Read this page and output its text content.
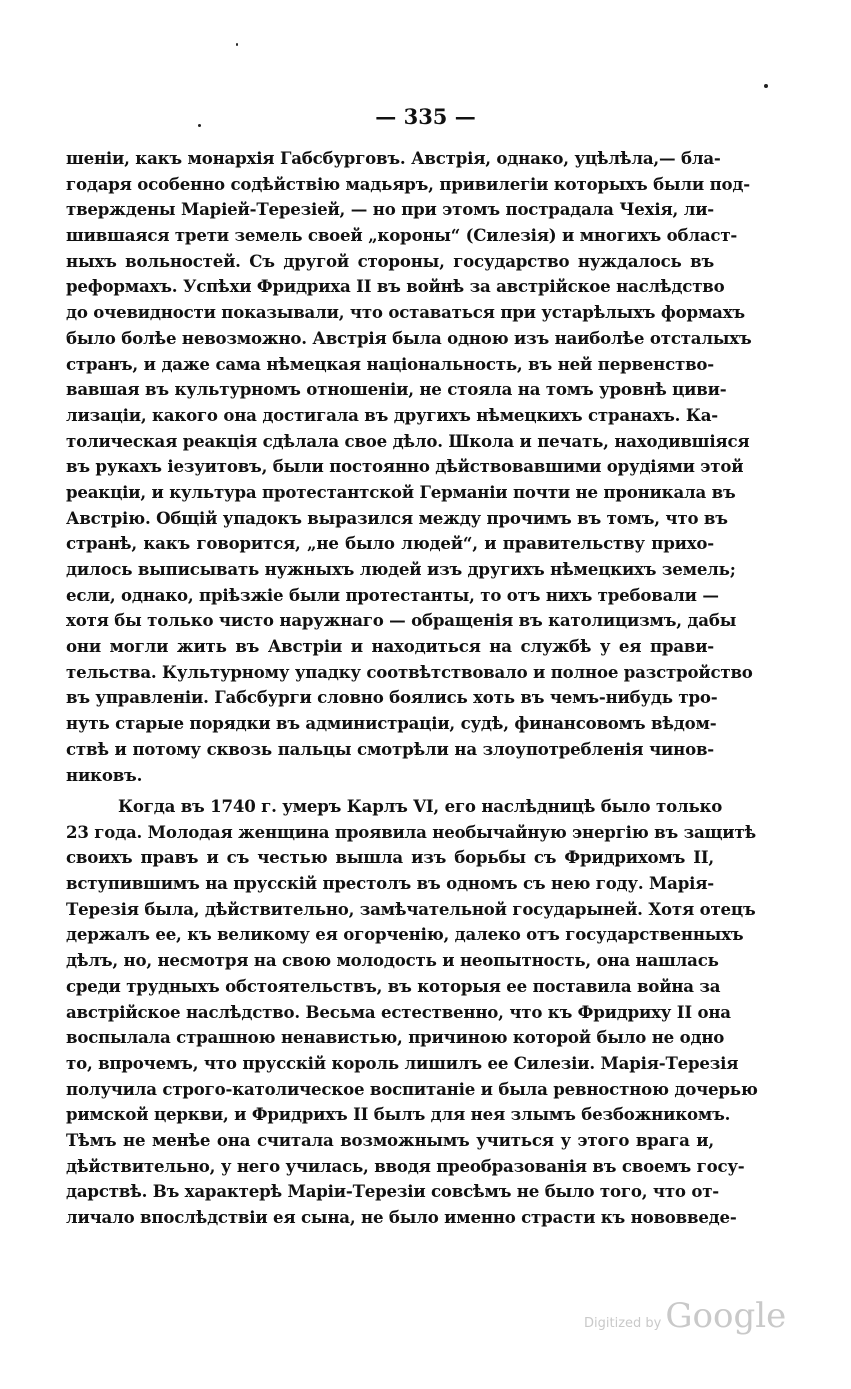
— 335 —
шеніи, какъ монархія Габсбурговъ. Австрія, однако, уцѣлѣла,— бла-
годаря особенно содѣйствію мадьяръ, привилегіи которыхъ были под-
тверждены Маріей-Терезіей, — но при этомъ пострадала Чехія, ли-
шившаяся трети земель своей „короны“ (Силезія) и многихъ област-
ныхъ вольностей. Съ другой стороны, государство нуждалось въ
реформахъ. Успѣхи Фридриха II въ войнѣ за австрійское наслѣдство
до очевидности показывали, что оставаться при устарѣлыхъ формахъ
было болѣе невозможно. Австрія была одною изъ наиболѣе отсталыхъ
странъ, и даже сама нѣмецкая національность, въ ней первенство-
вавшая въ культурномъ отношеніи, не стояла на томъ уровнѣ циви-
лизаціи, какого она достигала въ другихъ нѣмецкихъ странахъ. Ка-
толическая реакція сдѣлала свое дѣло. Школа и печать, находившіяся
въ рукахъ іезуитовъ, были постоянно дѣйствовавшими орудіями этой
реакціи, и культура протестантской Германіи почти не проникала въ
Австрію. Общій упадокъ выразился между прочимъ въ томъ, что въ
странѣ, какъ говорится, „не было людей“, и правительству прихо-
дилось выписывать нужныхъ людей изъ другихъ нѣмецкихъ земель;
если, однако, пріѣзжіе были протестанты, то отъ нихъ требовали —
хотя бы только чисто наружнаго — обращенія въ католицизмъ, дабы
они могли жить въ Австріи и находиться на службѣ у ея прави-
тельства. Культурному упадку соотвѣтствовало и полное разстройство
въ управленіи. Габсбурги словно боялись хоть въ чемъ-нибудь тро-
нуть старые порядки въ администраціи, судѣ, финансовомъ вѣдом-
ствѣ и потому сквозь пальцы смотрѣли на злоупотребленія чинов-
никовъ.
Когда въ 1740 г. умеръ Карлъ VI, его наслѣдницѣ было только
23 года. Молодая женщина проявила необычайную энергію въ защитѣ
своихъ правъ и съ честью вышла изъ борьбы съ Фридрихомъ II,
вступившимъ на прусскій престолъ въ одномъ съ нею году. Марія-
Терезія была, дѣйствительно, замѣчательной государыней. Хотя отецъ
держалъ ее, къ великому ея огорченію, далеко отъ государственныхъ
дѣлъ, но, несмотря на свою молодость и неопытность, она нашлась
среди трудныхъ обстоятельствъ, въ которыя ее поставила война за
австрійское наслѣдство. Весьма естественно, что къ Фридриху II она
воспылала страшною ненавистью, причиною которой было не одно
то, впрочемъ, что прусскій король лишилъ ее Силезіи. Марія-Терезія
получила строго-католическое воспитаніе и была ревностною дочерью
римской церкви, и Фридрихъ II былъ для нея злымъ безбожникомъ.
Тѣмъ не менѣе она считала возможнымъ учиться у этого врага и,
дѣйствительно, у него училась, вводя преобразованія въ своемъ госу-
дарствѣ. Въ характерѣ Маріи-Терезіи совсѣмъ не было того, что от-
личало впослѣдствіи ея сына, не было именно страсти къ нововведе-
Digitized by Google
